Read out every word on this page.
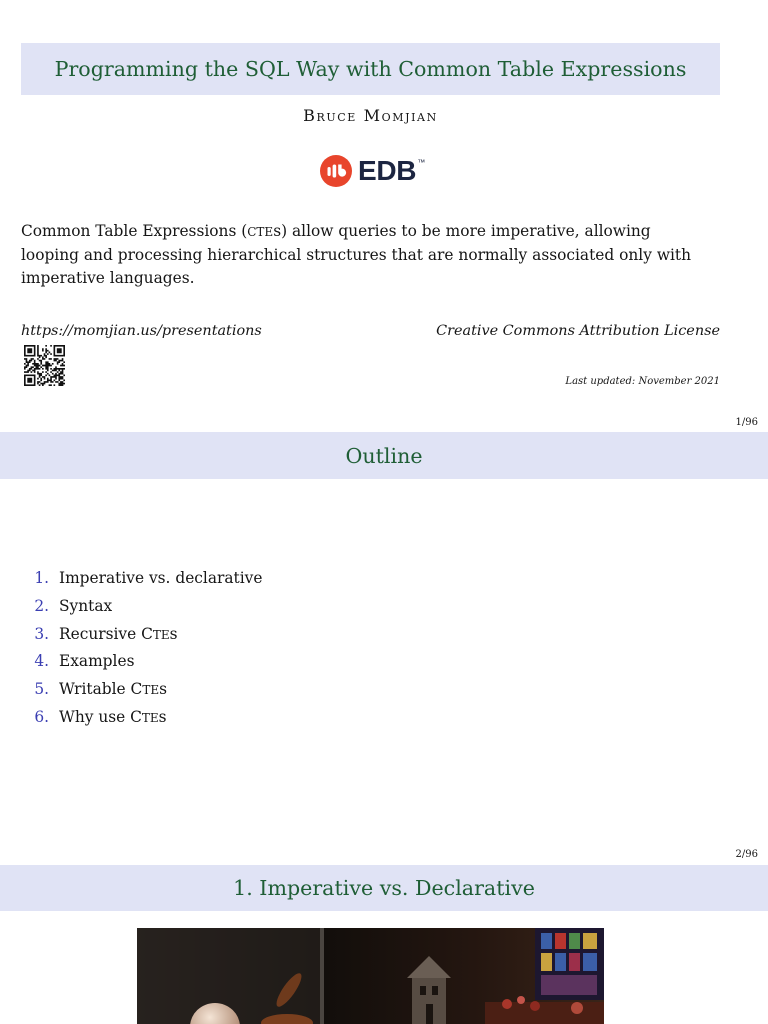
Programming the SQL Way with Common Table Expressions
Bruce Momjian
EDB ™
Common Table Expressions (CTEs) allow queries to be more imperative, allowing
looping and processing hierarchical structures that are normally associated only with
imperative languages.
https://momjian.us/presentations	Creative Commons Attribution License
Last updated: November 2021
1/96
Outline
1. Imperative vs. declarative
2. Syntax
3. Recursive CTEs
4. Examples
5. Writable CTEs
6. Why use CTEs
2/96
1. Imperative vs. Declarative
